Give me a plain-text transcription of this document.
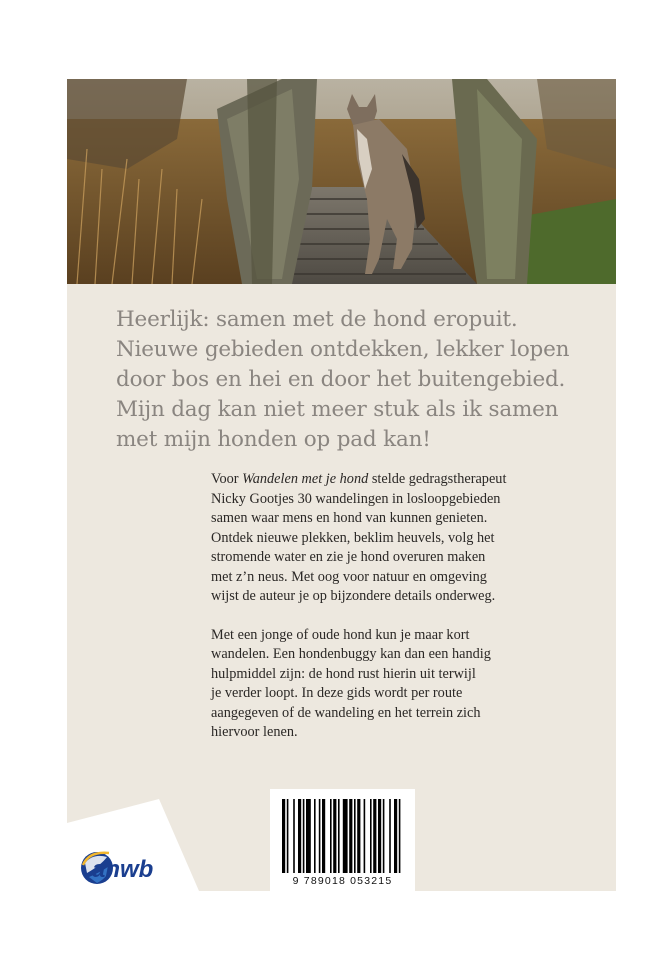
Heerlijk: samen met de hond eropuit.
Nieuwe gebieden ontdekken, lekker lopen
door bos en hei en door het buitengebied.
Mijn dag kan niet meer stuk als ik samen
met mijn honden op pad kan!
Voor Wandelen met je hond stelde gedragstherapeut
Nicky Gootjes 30 wandelingen in losloopgebieden
samen waar mens en hond van kunnen genieten.
Ontdek nieuwe plekken, beklim heuvels, volg het
stromende water en zie je hond overuren maken
met z’n neus. Met oog voor natuur en omgeving
wijst de auteur je op bijzondere details onderweg.
Met een jonge of oude hond kun je maar kort
wandelen. Een hondenbuggy kan dan een handig
hulpmiddel zijn: de hond rust hierin uit terwijl
je verder loopt. In deze gids wordt per route
aangegeven of de wandeling en het terrein zich
hiervoor lenen.
anwb	9 789018 053215
